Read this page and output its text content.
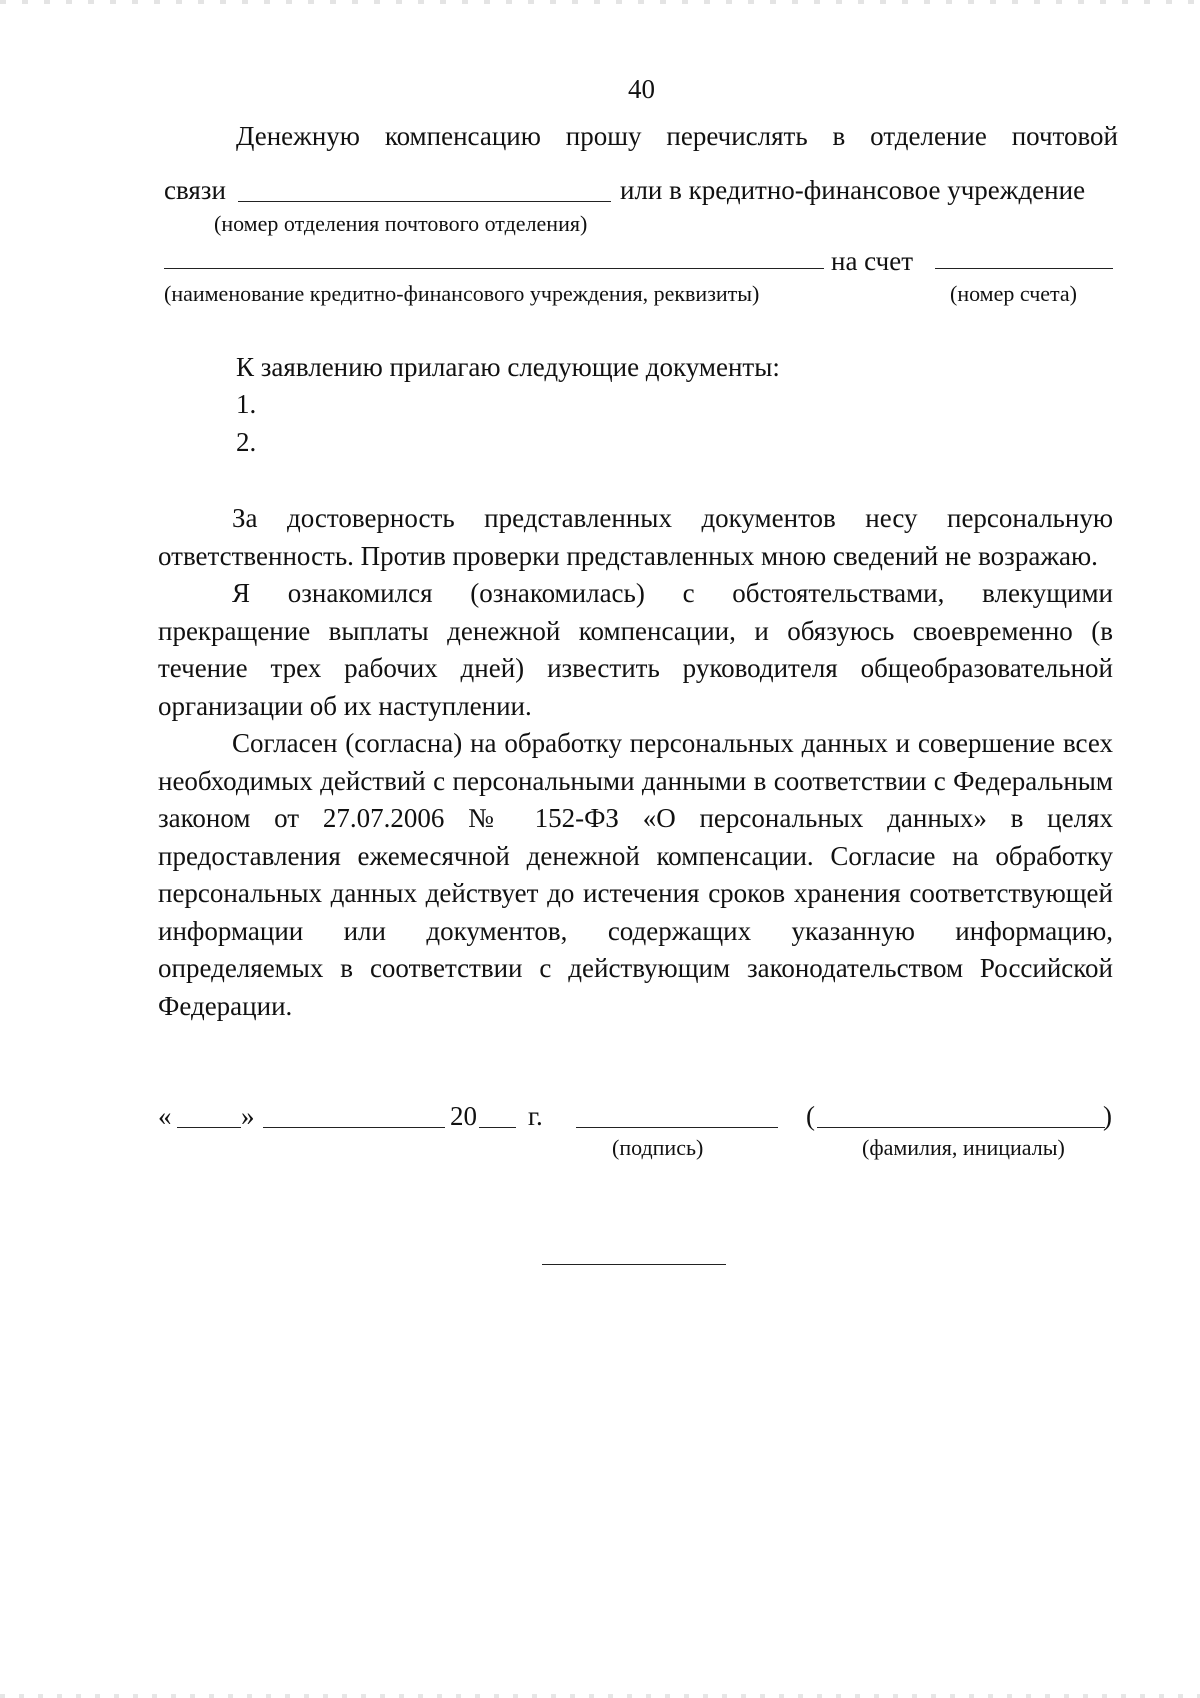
40
Денежную компенсацию прошу перечислять в отделение почтовой
связи	или в кредитно-финансовое учреждение
(номер отделения почтового отделения)
на счет
(наименование кредитно-финансового учреждения, реквизиты)	(номер счета)
К заявлению прилагаю следующие документы:
1.
2.

За достоверность представленных документов несу персональную ответственность. Против проверки представленных мною сведений не возражаю.

Я ознакомился (ознакомилась) с обстоятельствами, влекущими прекращение выплаты денежной компенсации, и обязуюсь своевременно (в течение трех рабочих дней) известить руководителя общеобразовательной организации об их наступлении.

Согласен (согласна) на обработку персональных данных и совершение всех необходимых действий с персональными данными в соответствии с Федеральным законом от 27.07.2006 № 152-ФЗ «О персональных данных» в целях предоставления ежемесячной денежной компенсации. Согласие на обработку персональных данных действует до истечения сроков хранения соответствующей информации или документов, содержащих указанную информацию, определяемых в соответствии с действующим законодательством Российской Федерации.

«	»	20 г.
(подпись)
(	)
(фамилия, инициалы)
